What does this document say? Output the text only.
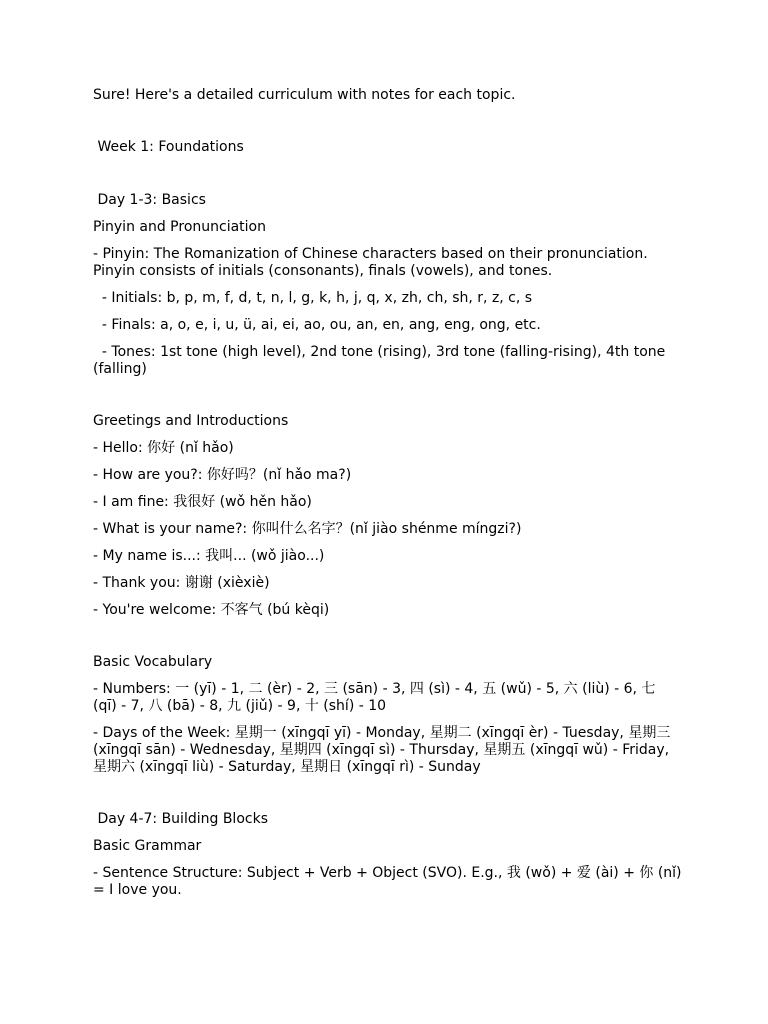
Sure! Here's a detailed curriculum with notes for each topic.

Week 1: Foundations

Day 1-3: Basics

Pinyin and Pronunciation

- Pinyin: The Romanization of Chinese characters based on their pronunciation. Pinyin consists of initials (consonants), finals (vowels), and tones.

- Initials: b, p, m, f, d, t, n, l, g, k, h, j, q, x, zh, ch, sh, r, z, c, s

- Finals: a, o, e, i, u, ü, ai, ei, ao, ou, an, en, ang, eng, ong, etc.

- Tones: 1st tone (high level), 2nd tone (rising), 3rd tone (falling-rising), 4th tone (falling)

Greetings and Introductions

- Hello: 你好 (nǐ hǎo)

- How are you?: 你好吗？(nǐ hǎo ma?)

- I am fine: 我很好 (wǒ hěn hǎo)

- What is your name?: 你叫什么名字？(nǐ jiào shénme míngzi?)

- My name is...: 我叫... (wǒ jiào...)

- Thank you: 谢谢 (xièxiè)

- You're welcome: 不客气 (bú kèqi)

Basic Vocabulary

- Numbers: 一 (yī) - 1, 二 (èr) - 2, 三 (sān) - 3, 四 (sì) - 4, 五 (wǔ) - 5, 六 (liù) - 6, 七 (qī) - 7, 八 (bā) - 8, 九 (jiǔ) - 9, 十 (shí) - 10

- Days of the Week: 星期一 (xīngqī yī) - Monday, 星期二 (xīngqī èr) - Tuesday, 星期三 (xīngqī sān) - Wednesday, 星期四 (xīngqī sì) - Thursday, 星期五 (xīngqī wǔ) - Friday, 星期六 (xīngqī liù) - Saturday, 星期日 (xīngqī rì) - Sunday

Day 4-7: Building Blocks

Basic Grammar

- Sentence Structure: Subject + Verb + Object (SVO). E.g., 我 (wǒ) + 爱 (ài) + 你 (nǐ) = I love you.
